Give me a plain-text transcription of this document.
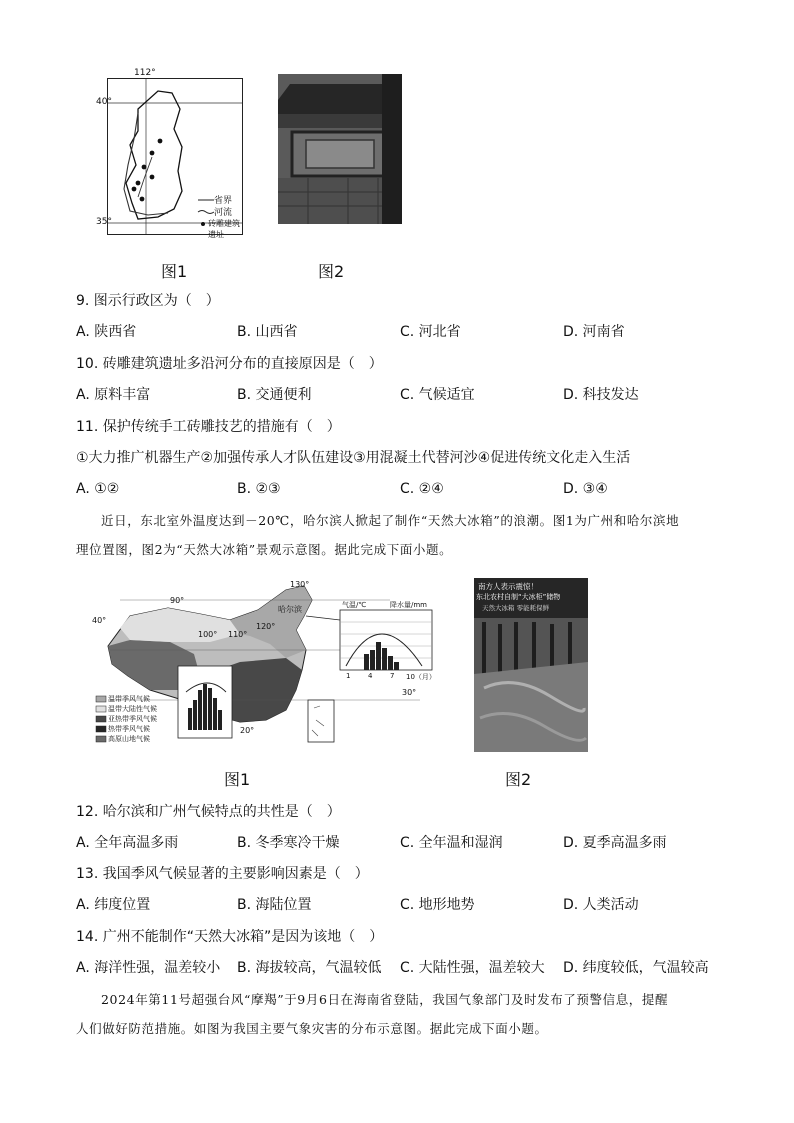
40°
35°
省界
河流
砖雕建筑遗址
112°
图1	图2
9. 图示行政区为（　）
A. 陕西省	B. 山西省	C. 河北省	D. 河南省
10. 砖雕建筑遗址多沿河分布的直接原因是（　）
A. 原料丰富	B. 交通便利	C. 气候适宜	D. 科技发达
11. 保护传统手工砖雕技艺的措施有（　）
①大力推广机器生产②加强传承人才队伍建设③用混凝土代替河沙④促进传统文化走入生活
A. ①②	B. ②③	C. ②④	D. ③④
近日，东北室外温度达到－20℃，哈尔滨人掀起了制作“天然大冰箱”的浪潮。图1为广州和哈尔滨地
理位置图，图2为“天然大冰箱”景观示意图。据此完成下面小题。
90°
100° 110°
120°
130°
40°
30°
20°
哈尔滨	气温/℃	降水量/mm
1	4	7 10（月）
温带季风气候
温带大陆性气候
亚热带季风气候
热带季风气候
高原山地气候
南方人表示震惊！
东北农村自制“大冰柜”储物
天然大冰箱 零能耗保鲜
图1	图2
12. 哈尔滨和广州气候特点的共性是（　）
A. 全年高温多雨	B. 冬季寒冷干燥	C. 全年温和湿润	D. 夏季高温多雨
13. 我国季风气候显著的主要影响因素是（　）
A. 纬度位置	B. 海陆位置	C. 地形地势	D. 人类活动
14. 广州不能制作“天然大冰箱”是因为该地（　）
A. 海洋性强，温差较小 B. 海拔较高，气温较低 C. 大陆性强，温差较大 D. 纬度较低，气温较高
2024年第11号超强台风“摩羯”于9月6日在海南省登陆，我国气象部门及时发布了预警信息，提醒
人们做好防范措施。如图为我国主要气象灾害的分布示意图。据此完成下面小题。
